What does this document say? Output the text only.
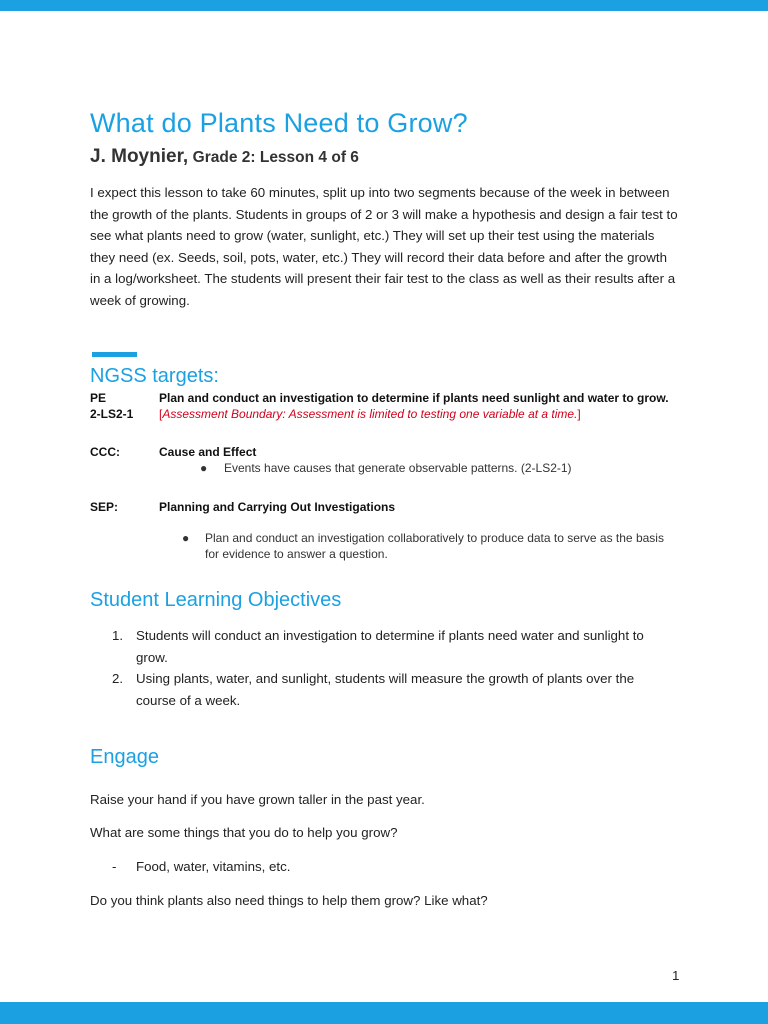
What do Plants Need to Grow?
J. Moynier, Grade 2: Lesson 4 of 6

I expect this lesson to take 60 minutes, split up into two segments because of the week in between the growth of the plants. Students in groups of 2 or 3 will make a hypothesis and design a fair test to see what plants need to grow (water, sunlight, etc.) They will set up their test using the materials they need (ex. Seeds, soil, pots, water, etc.) They will record their data before and after the growth in a log/worksheet. The students will present their fair test to the class as well as their results after a week of growing.

NGSS targets:
PE
2-LS2-1
Plan and conduct an investigation to determine if plants need sunlight and water to grow. [Assessment Boundary: Assessment is limited to testing one variable at a time.]
CCC:	Cause and Effect
● Events have causes that generate observable patterns. (2-LS2-1)
SEP:	Planning and Carrying Out Investigations
● Plan and conduct an investigation collaboratively to produce data to serve as the basis for evidence to answer a question.
Student Learning Objectives
1. Students will conduct an investigation to determine if plants need water and sunlight to grow.
2. Using plants, water, and sunlight, students will measure the growth of plants over the course of a week.
Engage

Raise your hand if you have grown taller in the past year.

What are some things that you do to help you grow?

- Food, water, vitamins, etc.

Do you think plants also need things to help them grow? Like what?

1
